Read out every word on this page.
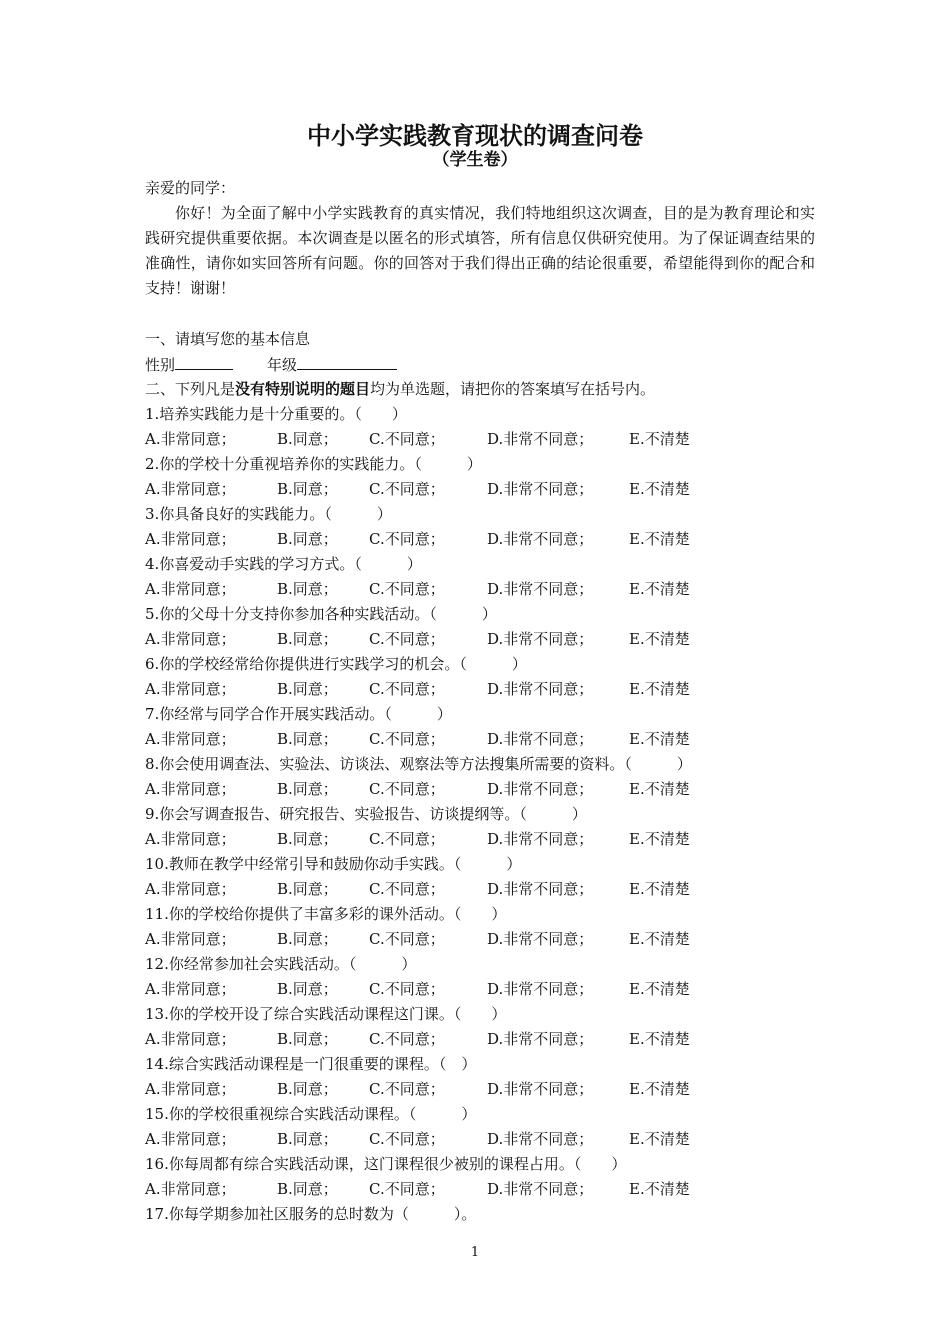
中小学实践教育现状的调查问卷
（学生卷）
亲爱的同学：

你好！为全面了解中小学实践教育的真实情况，我们特地组织这次调查，目的是为教育理论和实践研究提供重要依据。本次调查是以匿名的形式填答，所有信息仅供研究使用。为了保证调查结果的准确性，请你如实回答所有问题。你的回答对于我们得出正确的结论很重要，希望能得到你的配合和支持！谢谢！

一、请填写您的基本信息
性别	年级
二、下列凡是没有特别说明的题目均为单选题，请把你的答案填写在括号内。
1.培养实践能力是十分重要的。（　　）
A.非常同意；	B.同意； C.不同意；	D.非常不同意； E.不清楚
2.你的学校十分重视培养你的实践能力。（　　　）
A.非常同意；	B.同意； C.不同意；	D.非常不同意； E.不清楚
3.你具备良好的实践能力。（　　　）
A.非常同意；	B.同意； C.不同意；	D.非常不同意； E.不清楚
4.你喜爱动手实践的学习方式。（　　　）
A.非常同意；	B.同意； C.不同意；	D.非常不同意； E.不清楚
5.你的父母十分支持你参加各种实践活动。（　　　）
A.非常同意；	B.同意； C.不同意；	D.非常不同意； E.不清楚
6.你的学校经常给你提供进行实践学习的机会。（　　　）
A.非常同意；	B.同意； C.不同意；	D.非常不同意； E.不清楚
7.你经常与同学合作开展实践活动。（　　　）
A.非常同意；	B.同意； C.不同意；	D.非常不同意； E.不清楚
8.你会使用调查法、实验法、访谈法、观察法等方法搜集所需要的资料。（　　　）
A.非常同意；	B.同意； C.不同意；	D.非常不同意； E.不清楚
9.你会写调查报告、研究报告、实验报告、访谈提纲等。（　　　）
A.非常同意；	B.同意； C.不同意；	D.非常不同意； E.不清楚
10.教师在教学中经常引导和鼓励你动手实践。（　　　）
A.非常同意；	B.同意； C.不同意；	D.非常不同意； E.不清楚
11.你的学校给你提供了丰富多彩的课外活动。（　　）
A.非常同意；	B.同意； C.不同意；	D.非常不同意； E.不清楚
12.你经常参加社会实践活动。（　　　）
A.非常同意；	B.同意； C.不同意；	D.非常不同意； E.不清楚
13.你的学校开设了综合实践活动课程这门课。（　　）
A.非常同意；	B.同意； C.不同意；	D.非常不同意； E.不清楚
14.综合实践活动课程是一门很重要的课程。（　）
A.非常同意；	B.同意； C.不同意；	D.非常不同意； E.不清楚
15.你的学校很重视综合实践活动课程。（　　　）
A.非常同意；	B.同意； C.不同意；	D.非常不同意； E.不清楚
16.你每周都有综合实践活动课，这门课程很少被别的课程占用。（　　）
A.非常同意；	B.同意； C.不同意；	D.非常不同意； E.不清楚
17.你每学期参加社区服务的总时数为（　　　）。
1
